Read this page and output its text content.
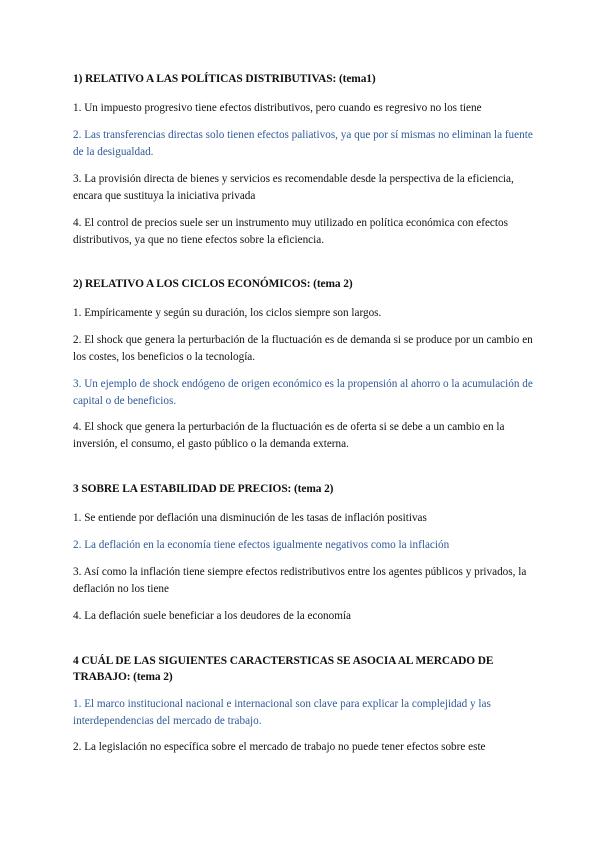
1) RELATIVO A LAS POLÍTICAS DISTRIBUTIVAS: (tema1)

1. Un impuesto progresivo tiene efectos distributivos, pero cuando es regresivo no los tiene

2. Las transferencias directas solo tienen efectos paliativos, ya que por sí mismas no eliminan la fuente de la desigualdad.

3. La provisión directa de bienes y servicios es recomendable desde la perspectiva de la eficiencia, encara que sustituya la iniciativa privada

4. El control de precios suele ser un instrumento muy utilizado en política económica con efectos distributivos, ya que no tiene efectos sobre la eficiencia.

2) RELATIVO A LOS CICLOS ECONÓMICOS: (tema 2)

1. Empíricamente y según su duración, los ciclos siempre son largos.

2. El shock que genera la perturbación de la fluctuación es de demanda si se produce por un cambio en los costes, los beneficios o la tecnología.

3. Un ejemplo de shock endógeno de origen económico es la propensión al ahorro o la acumulación de capital o de beneficios.

4. El shock que genera la perturbación de la fluctuación es de oferta si se debe a un cambio en la inversión, el consumo, el gasto público o la demanda externa.

3 SOBRE LA ESTABILIDAD DE PRECIOS: (tema 2)

1. Se entiende por deflación una disminución de les tasas de inflación positivas

2. La deflación en la economía tiene efectos igualmente negativos como la inflación

3. Así como la inflación tiene siempre efectos redistributivos entre los agentes públicos y privados, la deflación no los tiene

4. La deflación suele beneficiar a los deudores de la economía

4 CUÁL DE LAS SIGUIENTES CARACTERSTICAS SE ASOCIA AL MERCADO DE TRABAJO: (tema 2)

1. El marco institucional nacional e internacional son clave para explicar la complejidad y las interdependencias del mercado de trabajo.

2. La legislación no específica sobre el mercado de trabajo no puede tener efectos sobre este
